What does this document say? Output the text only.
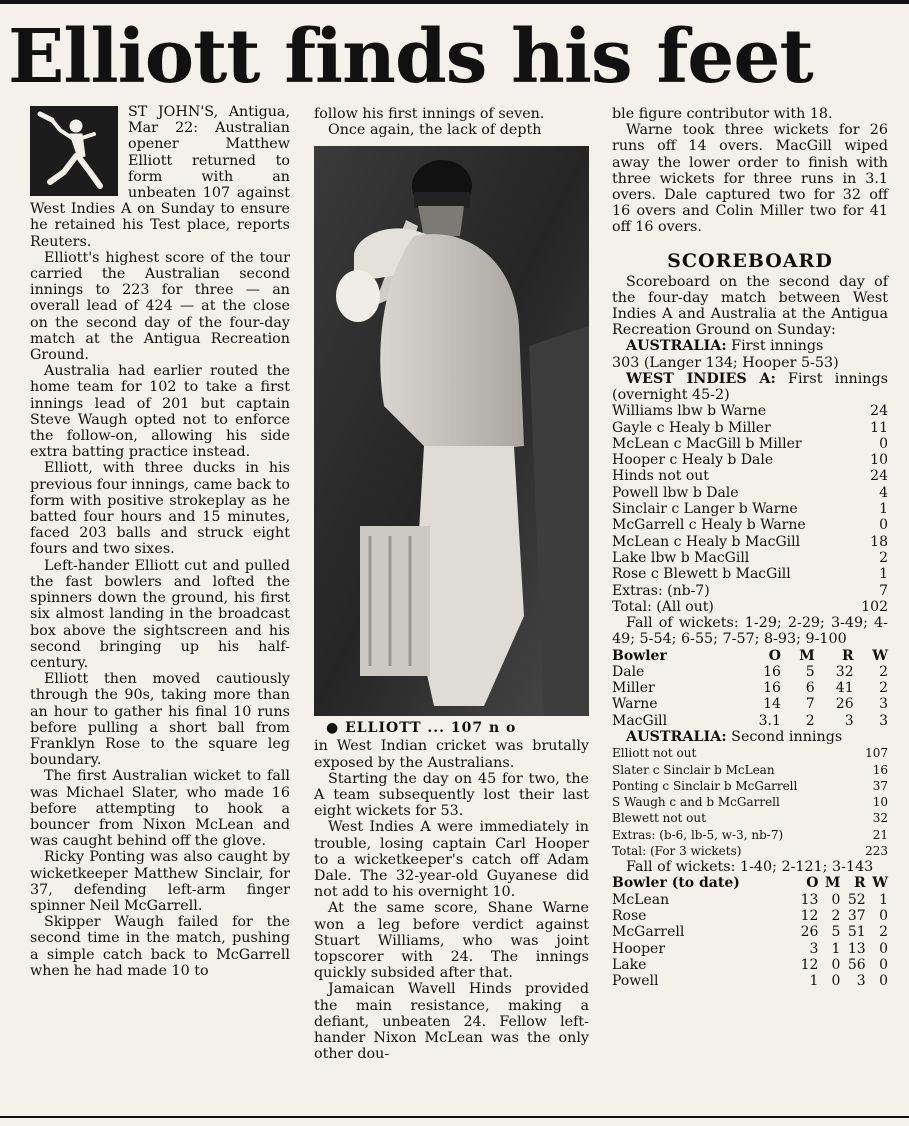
Elliott finds his feet

ST JOHN'S, Antigua, Mar 22: Australian opener Matthew Elliott returned to form with an unbeaten 107 against West Indies A on Sunday to ensure he retained his Test place, reports Reuters.

Elliott's highest score of the tour carried the Australian second innings to 223 for three — an overall lead of 424 — at the close on the second day of the four-day match at the Antigua Recreation Ground.

Australia had earlier routed the home team for 102 to take a first innings lead of 201 but captain Steve Waugh opted not to enforce the follow-on, allowing his side extra batting practice instead.

Elliott, with three ducks in his previous four innings, came back to form with positive strokeplay as he batted four hours and 15 minutes, faced 203 balls and struck eight fours and two sixes.

Left-hander Elliott cut and pulled the fast bowlers and lofted the spinners down the ground, his first six almost landing in the broadcast box above the sightscreen and his second bringing up his half-century.

Elliott then moved cautiously through the 90s, taking more than an hour to gather his final 10 runs before pulling a short ball from Franklyn Rose to the square leg boundary.

The first Australian wicket to fall was Michael Slater, who made 16 before attempting to hook a bouncer from Nixon McLean and was caught behind off the glove.

Ricky Ponting was also caught by wicketkeeper Matthew Sinclair, for 37, defending left-arm finger spinner Neil McGarrell.

Skipper Waugh failed for the second time in the match, pushing a simple catch back to McGarrell when he had made 10 to

follow his first innings of seven.

Once again, the lack of depth

● ELLIOTT ... 107 n o

in West Indian cricket was brutally exposed by the Australians.

Starting the day on 45 for two, the A team subsequently lost their last eight wickets for 53.

West Indies A were immediately in trouble, losing captain Carl Hooper to a wicketkeeper's catch off Adam Dale. The 32-year-old Guyanese did not add to his overnight 10.

At the same score, Shane Warne won a leg before verdict against Stuart Williams, who was joint topscorer with 24. The innings quickly subsided after that.

Jamaican Wavell Hinds provided the main resistance, making a defiant, unbeaten 24. Fellow left-hander Nixon McLean was the only other dou-

ble figure contributor with 18.

Warne took three wickets for 26 runs off 14 overs. MacGill wiped away the lower order to finish with three wickets for three runs in 3.1 overs. Dale captured two for 32 off 16 overs and Colin Miller two for 41 off 16 overs.

SCOREBOARD

Scoreboard on the second day of the four-day match between West Indies A and Australia at the Antigua Recreation Ground on Sunday:

AUSTRALIA: First innings

303 (Langer 134; Hooper 5-53)

WEST INDIES A: First innings (overnight 45-2)

Williams lbw b Warne	24
Gayle c Healy b Miller	11
McLean c MacGill b Miller	0
Hooper c Healy b Dale	10
Hinds not out	24
Powell lbw b Dale	4
Sinclair c Langer b Warne	1
McGarrell c Healy b Warne	0
McLean c Healy b MacGill	18
Lake lbw b MacGill	2
Rose c Blewett b MacGill	1
Extras: (nb-7)	7
Total: (All out)	102

Fall of wickets: 1-29; 2-29; 3-49; 4-49; 5-54; 6-55; 7-57; 8-93; 9-100

Bowler	O	M	R	W
Dale	16	5	32	2
Miller	16	6	41	2
Warne	14	7	26	3
MacGill	3.1	2	3	3

AUSTRALIA: Second innings

Elliott not out	107
Slater c Sinclair b McLean	16
Ponting c Sinclair b McGarrell	37
S Waugh c and b McGarrell	10
Blewett not out	32
Extras: (b-6, lb-5, w-3, nb-7)	21
Total: (For 3 wickets)	223

Fall of wickets: 1-40; 2-121; 3-143

Bowler (to date)	O	M	R	W
McLean	13	0	52	1
Rose	12	2	37	0
McGarrell	26	5	51	2
Hooper	3	1	13	0
Lake	12	0	56	0
Powell	1	0	3	0
